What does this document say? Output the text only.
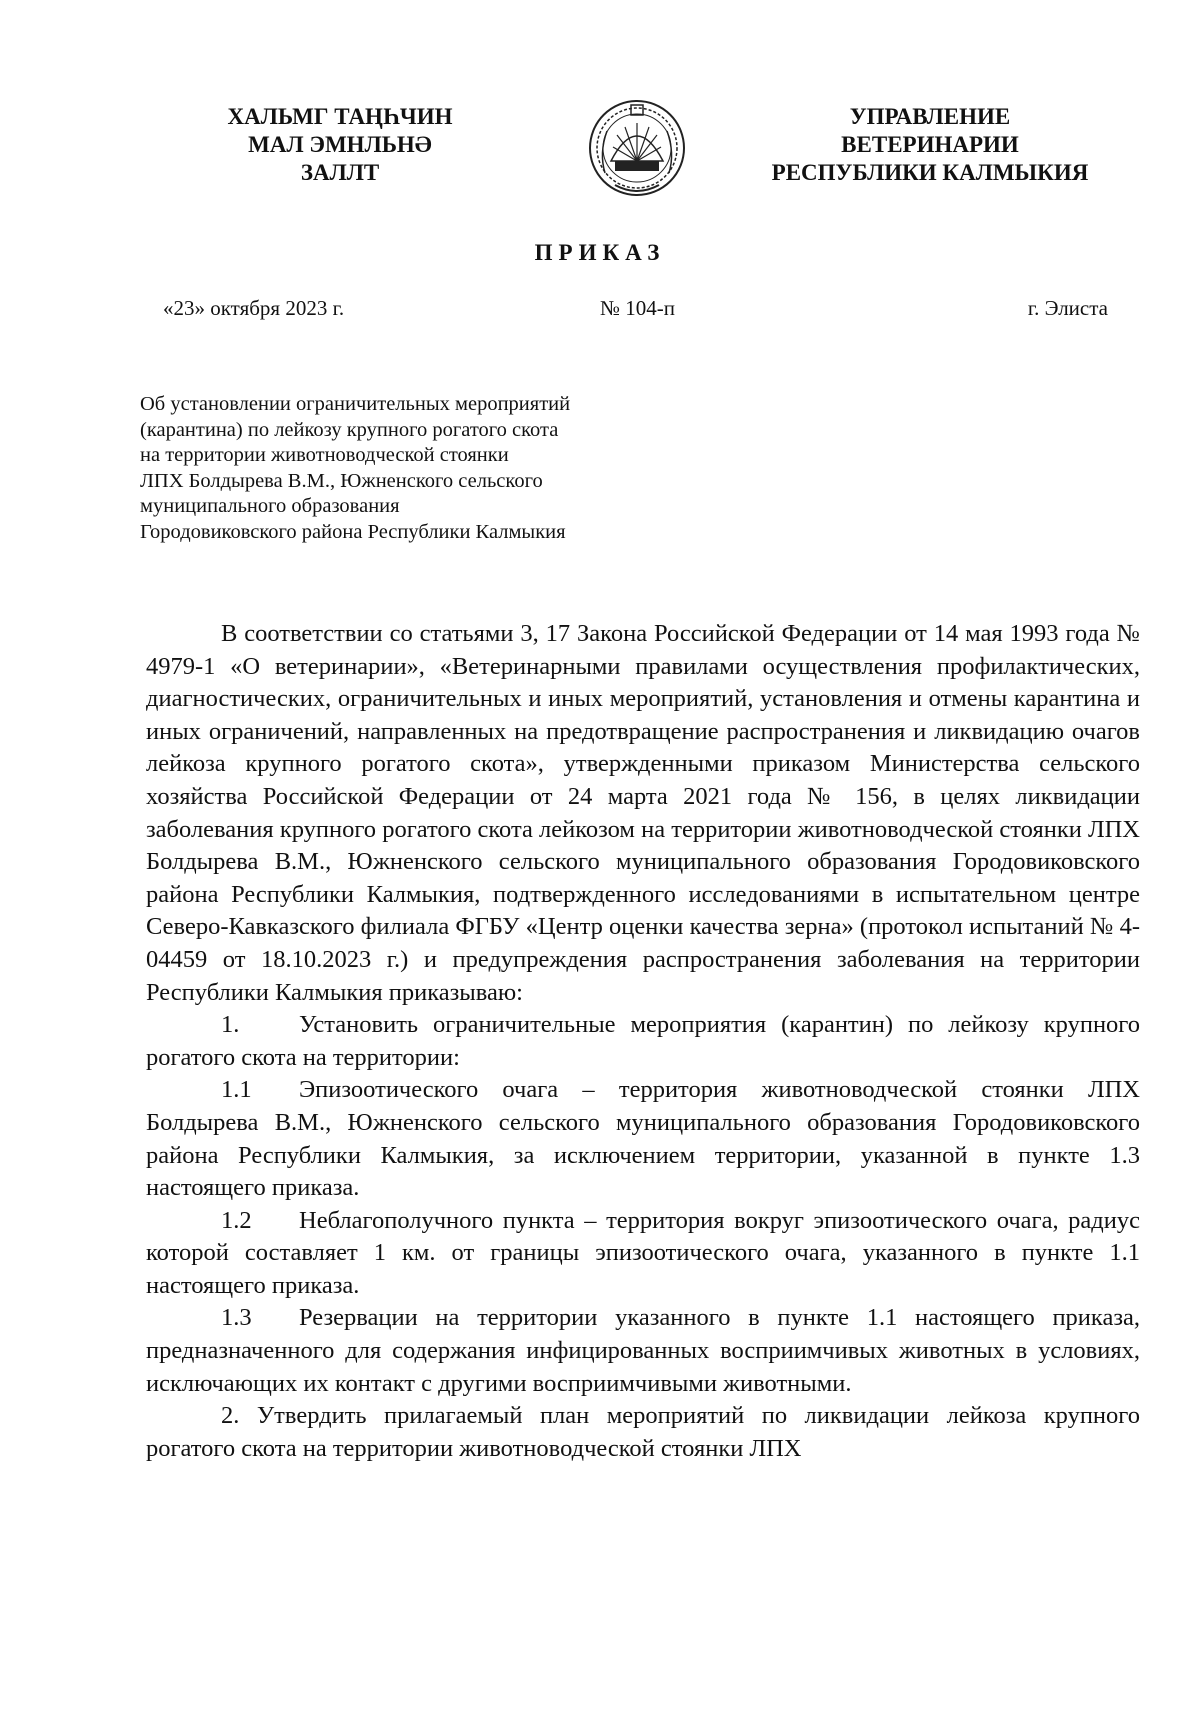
ХАЛЬМГ ТАҢҺЧИН
МАЛ ЭМНЛЬНӘ
ЗАЛЛТ
УПРАВЛЕНИЕ
ВЕТЕРИНАРИИ
РЕСПУБЛИКИ КАЛМЫКИЯ
ПРИКАЗ
«23» октября 2023 г.	№ 104-п	г. Элиста
Об установлении ограничительных мероприятий
(карантина) по лейкозу крупного рогатого скота
на территории животноводческой стоянки
ЛПХ Болдырева В.М., Южненского сельского
муниципального образования
Городовиковского района Республики Калмыкия

В соответствии со статьями 3, 17 Закона Российской Федерации от 14 мая 1993 года № 4979-1 «О ветеринарии», «Ветеринарными правилами осуществления профилактических, диагностических, ограничительных и иных мероприятий, установления и отмены карантина и иных ограничений, направленных на предотвращение распространения и ликвидацию очагов лейкоза крупного рогатого скота», утвержденными приказом Министерства сельского хозяйства Российской Федерации от 24 марта 2021 года № 156, в целях ликвидации заболевания крупного рогатого скота лейкозом на территории животноводческой стоянки ЛПХ Болдырева В.М., Южненского сельского муниципального образования Городовиковского района Республики Калмыкия, подтвержденного исследованиями в испытательном центре Северо-Кавказского филиала ФГБУ «Центр оценки качества зерна» (протокол испытаний № 4-04459 от 18.10.2023 г.) и предупреждения распространения заболевания на территории Республики Калмыкия приказываю:

1. Установить ограничительные мероприятия (карантин) по лейкозу крупного рогатого скота на территории:

1.1 Эпизоотического очага – территория животноводческой стоянки ЛПХ Болдырева В.М., Южненского сельского муниципального образования Городовиковского района Республики Калмыкия, за исключением территории, указанной в пункте 1.3 настоящего приказа.

1.2 Неблагополучного пункта – территория вокруг эпизоотического очага, радиус которой составляет 1 км. от границы эпизоотического очага, указанного в пункте 1.1 настоящего приказа.

1.3 Резервации на территории указанного в пункте 1.1 настоящего приказа, предназначенного для содержания инфицированных восприимчивых животных в условиях, исключающих их контакт с другими восприимчивыми животными.

2. Утвердить прилагаемый план мероприятий по ликвидации лейкоза крупного рогатого скота на территории животноводческой стоянки ЛПХ
